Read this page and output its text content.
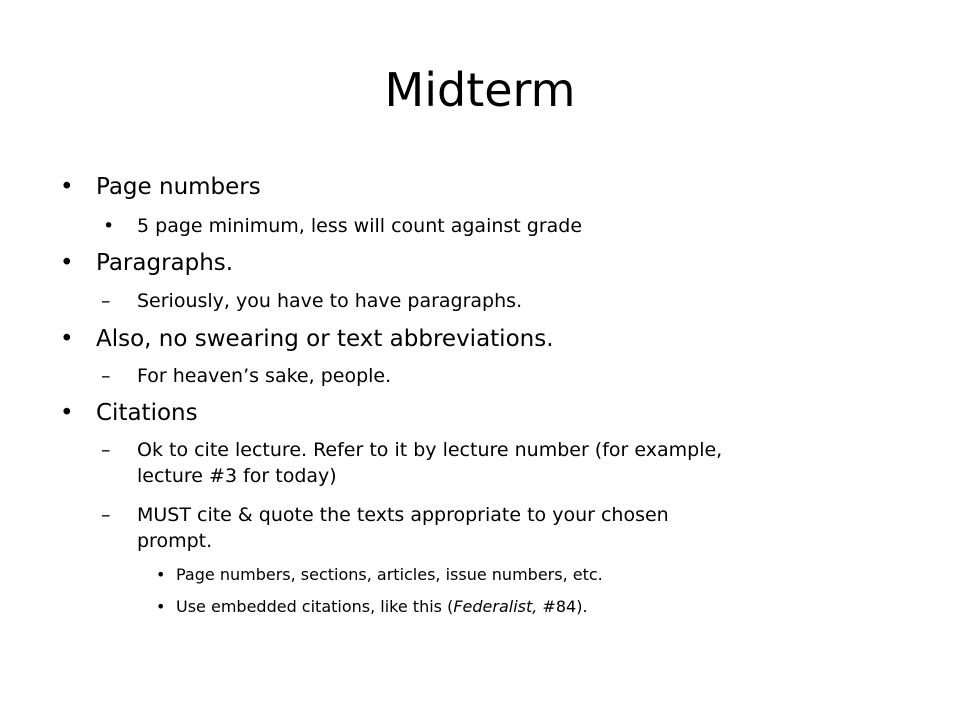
Midterm
• Page numbers
• 5 page minimum, less will count against grade
• Paragraphs.
– Seriously, you have to have paragraphs.
• Also, no swearing or text abbreviations.
– For heaven’s sake, people.
• Citations
– Ok to cite lecture. Refer to it by lecture number (for example,
lecture #3 for today)
– MUST cite & quote the texts appropriate to your chosen
prompt.
• Page numbers, sections, articles, issue numbers, etc.
• Use embedded citations, like this (Federalist, #84).
